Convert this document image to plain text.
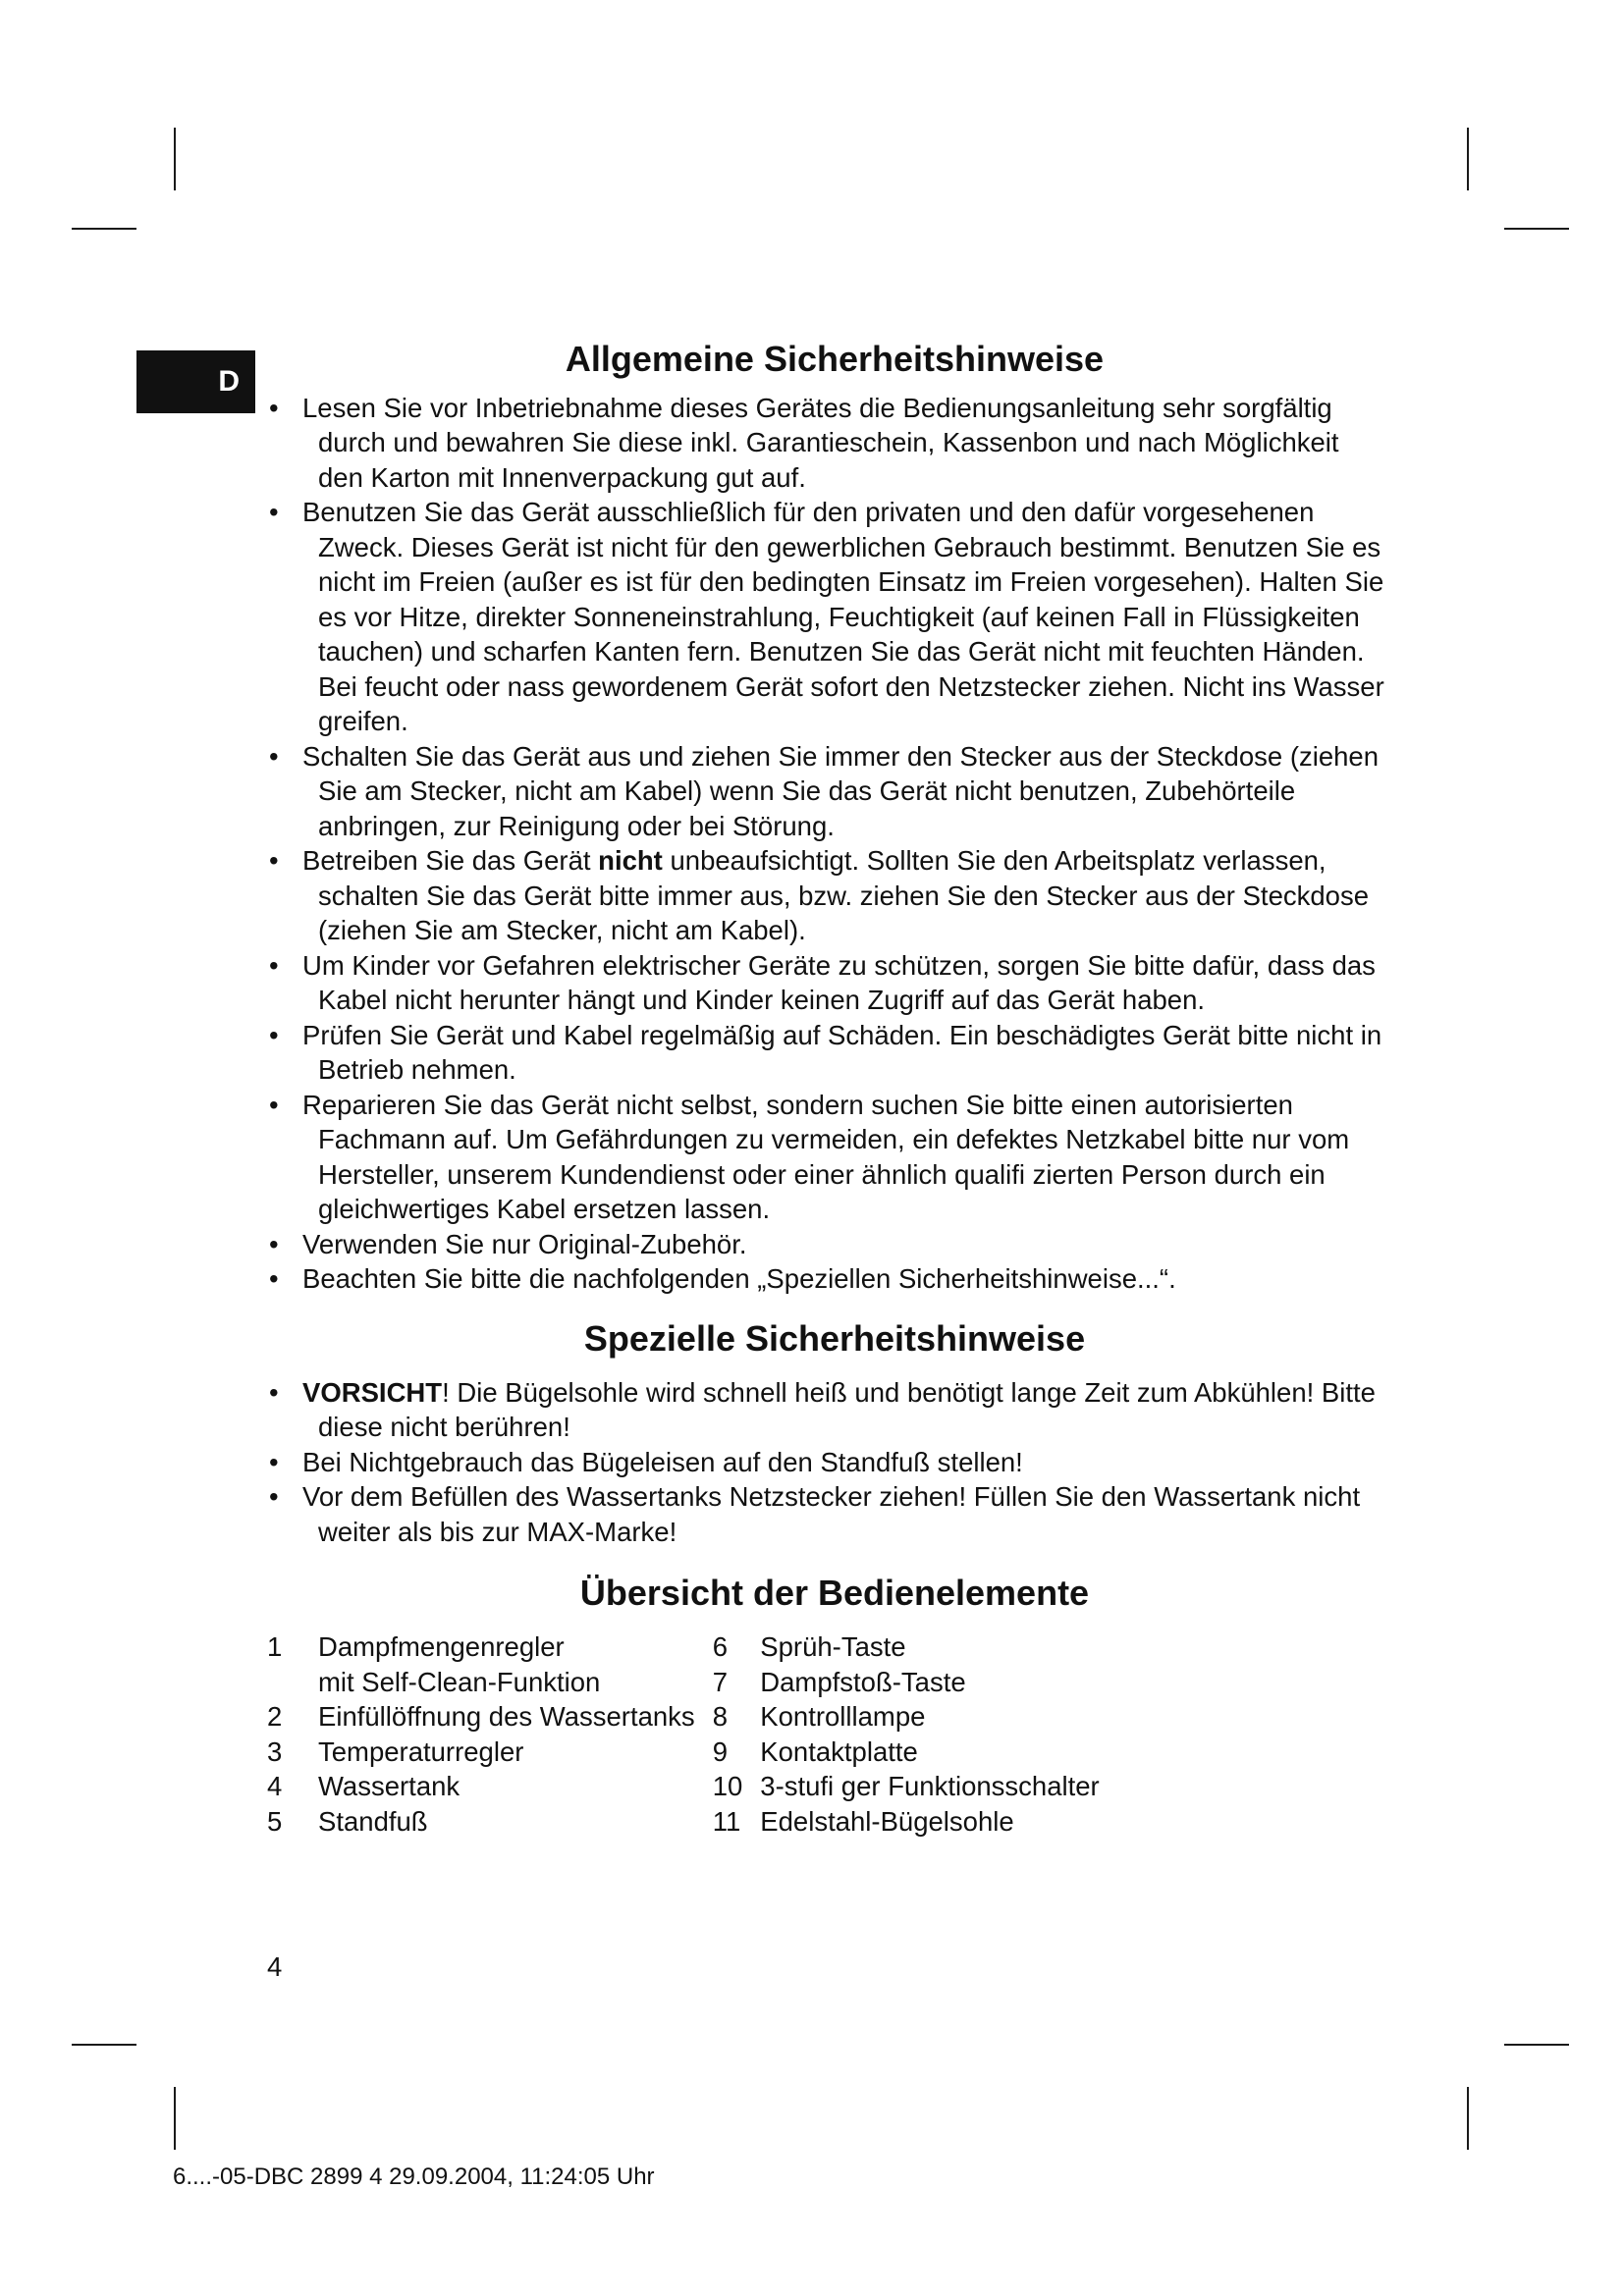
D
Allgemeine Sicherheitshinweise
• Lesen Sie vor Inbetriebnahme dieses Gerätes die Bedienungsanleitung sehr sorgfältig durch und bewahren Sie diese inkl. Garantieschein, Kassenbon und nach Möglichkeit den Karton mit Innenverpackung gut auf.
• Benutzen Sie das Gerät ausschließlich für den privaten und den dafür vorgesehenen Zweck. Dieses Gerät ist nicht für den gewerblichen Gebrauch bestimmt. Benutzen Sie es nicht im Freien (außer es ist für den bedingten Einsatz im Freien vorgesehen). Halten Sie es vor Hitze, direkter Sonneneinstrahlung, Feuchtigkeit (auf keinen Fall in Flüssigkeiten tauchen) und scharfen Kanten fern. Benutzen Sie das Gerät nicht mit feuchten Händen. Bei feucht oder nass gewordenem Gerät sofort den Netzstecker ziehen. Nicht ins Wasser greifen.
• Schalten Sie das Gerät aus und ziehen Sie immer den Stecker aus der Steckdose (ziehen Sie am Stecker, nicht am Kabel) wenn Sie das Gerät nicht benutzen, Zubehörteile anbringen, zur Reinigung oder bei Störung.
• Betreiben Sie das Gerät nicht unbeaufsichtigt. Sollten Sie den Arbeitsplatz verlassen, schalten Sie das Gerät bitte immer aus, bzw. ziehen Sie den Stecker aus der Steckdose (ziehen Sie am Stecker, nicht am Kabel).
• Um Kinder vor Gefahren elektrischer Geräte zu schützen, sorgen Sie bitte dafür, dass das Kabel nicht herunter hängt und Kinder keinen Zugriff auf das Gerät haben.
• Prüfen Sie Gerät und Kabel regelmäßig auf Schäden. Ein beschädigtes Gerät bitte nicht in Betrieb nehmen.
• Reparieren Sie das Gerät nicht selbst, sondern suchen Sie bitte einen autorisierten Fachmann auf. Um Gefährdungen zu vermeiden, ein defektes Netzkabel bitte nur vom Hersteller, unserem Kundendienst oder einer ähnlich qualifi zierten Person durch ein gleichwertiges Kabel ersetzen lassen.
• Verwenden Sie nur Original-Zubehör.
• Beachten Sie bitte die nachfolgenden „Speziellen Sicherheitshinweise...“.
Spezielle Sicherheitshinweise
• VORSICHT! Die Bügelsohle wird schnell heiß und benötigt lange Zeit zum Abkühlen! Bitte diese nicht berühren!
• Bei Nichtgebrauch das Bügeleisen auf den Standfuß stellen!
• Vor dem Befüllen des Wassertanks Netzstecker ziehen! Füllen Sie den Wassertank nicht weiter als bis zur MAX-Marke!
Übersicht der Bedienelemente
1	Dampfmengenregler	6	Sprüh-Taste
	mit Self-Clean-Funktion	7	Dampfstoß-Taste
2	Einfüllöffnung des Wassertanks	8	Kontrolllampe
3	Temperaturregler	9	Kontaktplatte
4	Wassertank	10	3-stufi ger Funktionsschalter
5	Standfuß	11	Edelstahl-Bügelsohle
4
6....-05-DBC 2899 4 29.09.2004, 11:24:05 Uhr
